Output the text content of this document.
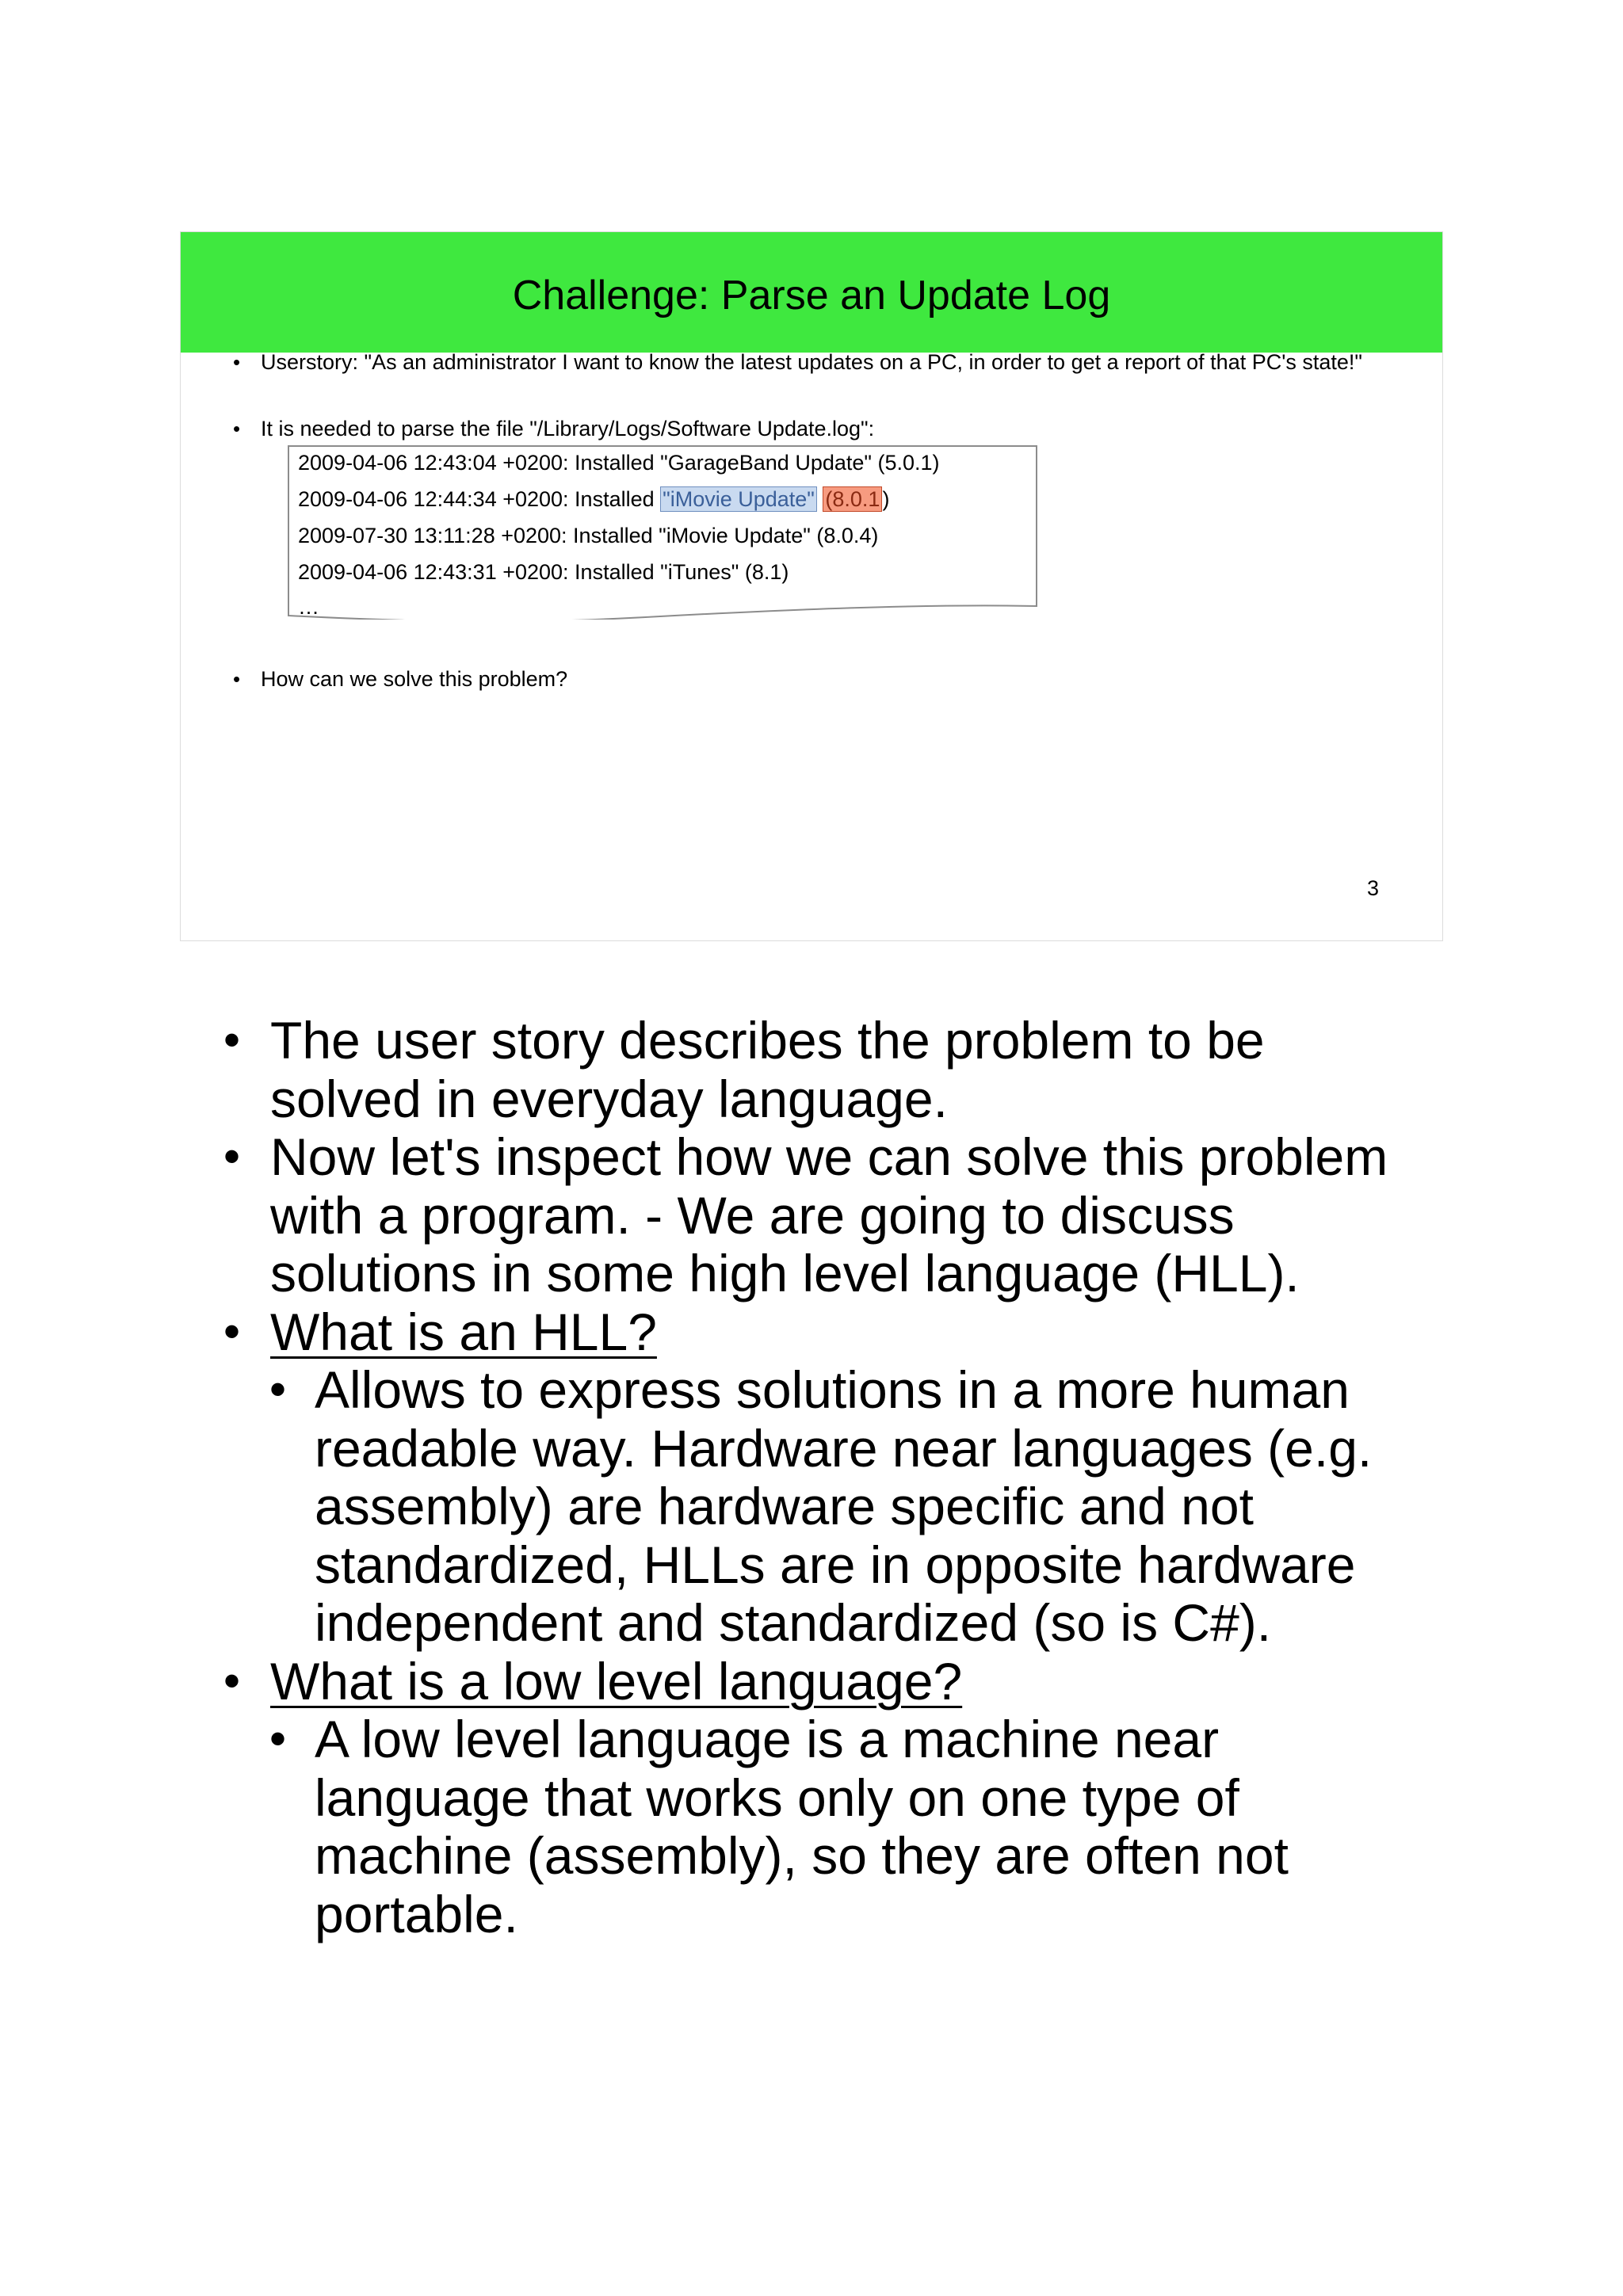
Challenge: Parse an Update Log
• Userstory: "As an administrator I want to know the latest updates on a PC, in order to get a report of that PC's state!"
• It is needed to parse the file "/Library/Logs/Software Update.log":
2009-04-06 12:43:04 +0200: Installed "GarageBand Update" (5.0.1)
2009-04-06 12:44:34 +0200: Installed "iMovie Update" (8.0.1 )
2009-07-30 13:11:28 +0200: Installed "iMovie Update" (8.0.4)
2009-04-06 12:43:31 +0200: Installed "iTunes" (8.1)
…
• How can we solve this problem?
3
• The user story describes the problem to be
solved in everyday language.
• Now let's inspect how we can solve this problem
with a program. - We are going to discuss
solutions in some high level language (HLL).
• What is an HLL?
• Allows to express solutions in a more human
readable way. Hardware near languages (e.g.
assembly) are hardware specific and not
standardized, HLLs are in opposite hardware
independent and standardized (so is C#).
• What is a low level language?
• A low level language is a machine near
language that works only on one type of
machine (assembly), so they are often not
portable.
